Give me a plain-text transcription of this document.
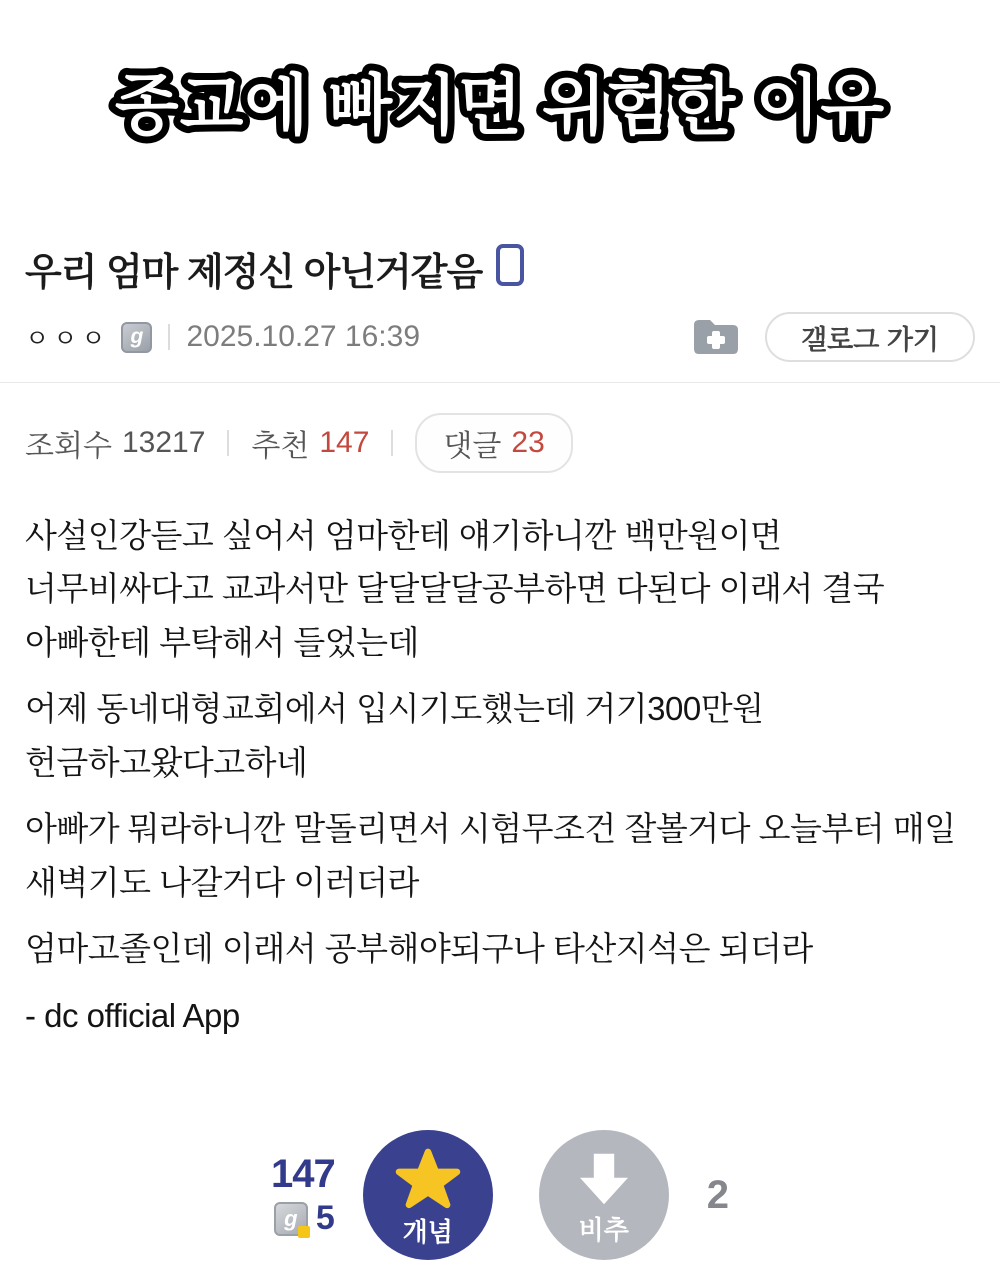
종교에 빠지면 위험한 이유
우리 엄마 제정신 아닌거같음
ㅇㅇㅇ	g	2025.10.27 16:39	갤로그 가기
조회수 13217 추천 147 댓글 23

사설인강듣고 싶어서 엄마한테 얘기하니깐 백만원이면 너무비싸다고 교과서만 달달달달공부하면 다된다 이래서 결국 아빠한테 부탁해서 들었는데

어제 동네대형교회에서 입시기도했는데 거기300만원 헌금하고왔다고하네

아빠가 뭐라하니깐 말돌리면서 시험무조건 잘볼거다 오늘부터 매일 새벽기도 나갈거다 이러더라

엄마고졸인데 이래서 공부해야되구나 타산지석은 되더라

- dc official App

147
g 5	개념	비추
2
